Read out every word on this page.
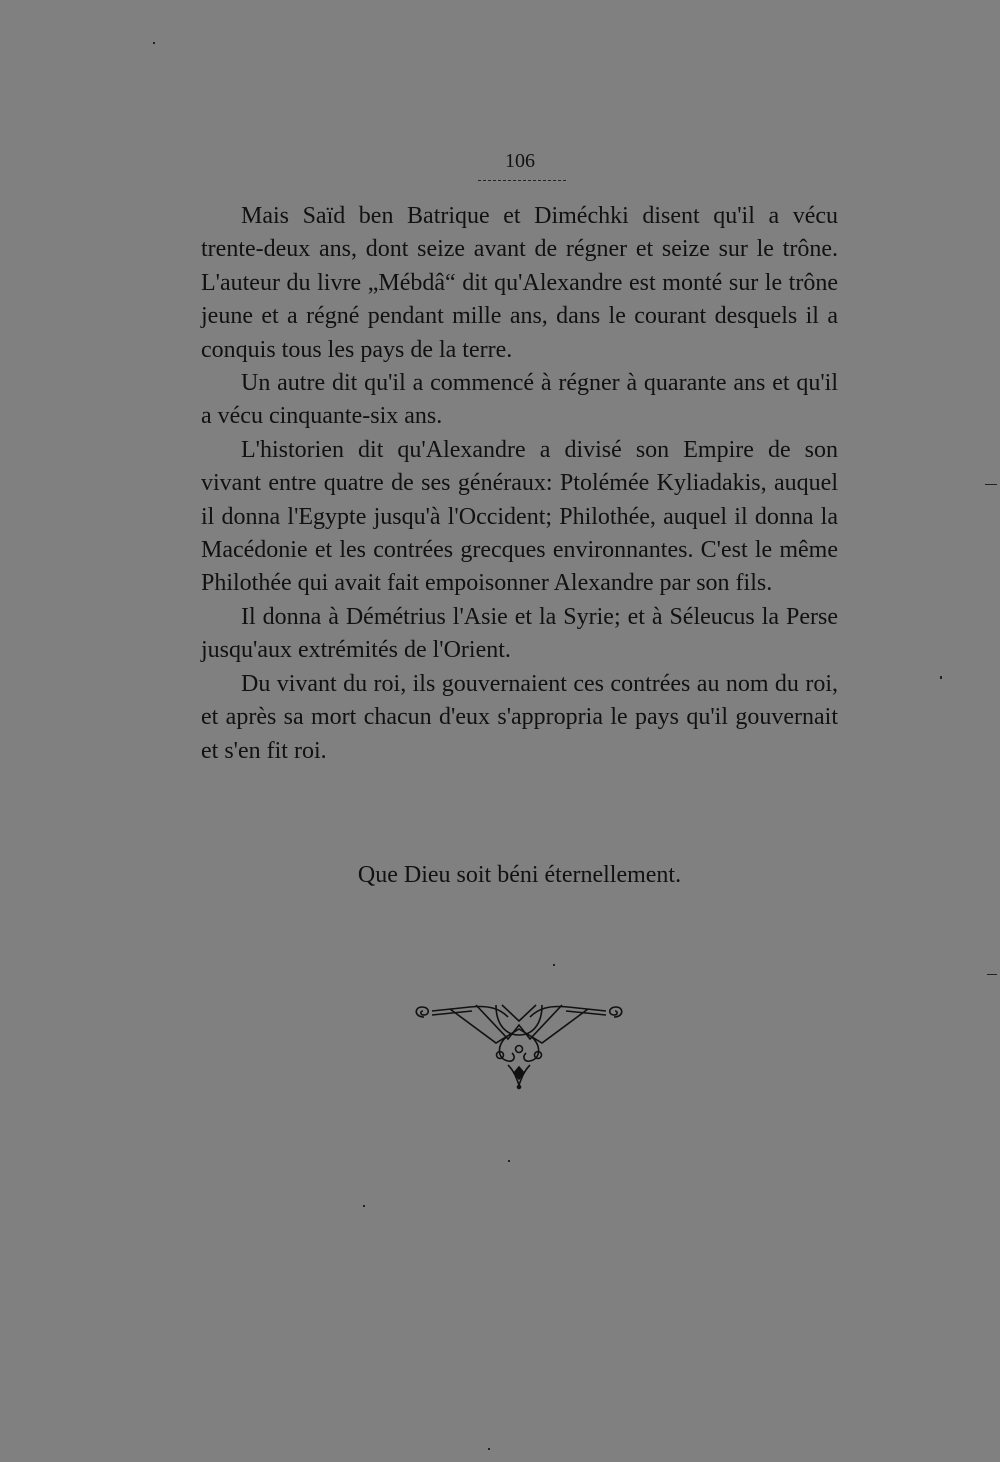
106

Mais Saïd ben Batrique et Diméchki disent qu'il a vécu trente-deux ans, dont seize avant de régner et seize sur le trône. L'auteur du livre „Mébdâ“ dit qu'Alexandre est monté sur le trône jeune et a régné pendant mille ans, dans le courant desquels il a conquis tous les pays de la terre.

Un autre dit qu'il a commencé à régner à quarante ans et qu'il a vécu cinquante-six ans.

L'historien dit qu'Alexandre a divisé son Empire de son vivant entre quatre de ses généraux: Ptolémée Kyliadakis, auquel il donna l'Egypte jusqu'à l'Occident; Philothée, auquel il donna la Macédonie et les contrées grecques environnantes. C'est le même Philothée qui avait fait empoisonner Alexandre par son fils.

Il donna à Démétrius l'Asie et la Syrie; et à Séleucus la Perse jusqu'aux extrémités de l'Orient.

Du vivant du roi, ils gouvernaient ces contrées au nom du roi, et après sa mort chacun d'eux s'appropria le pays qu'il gouvernait et s'en fit roi.

Que Dieu soit béni éternellement.
